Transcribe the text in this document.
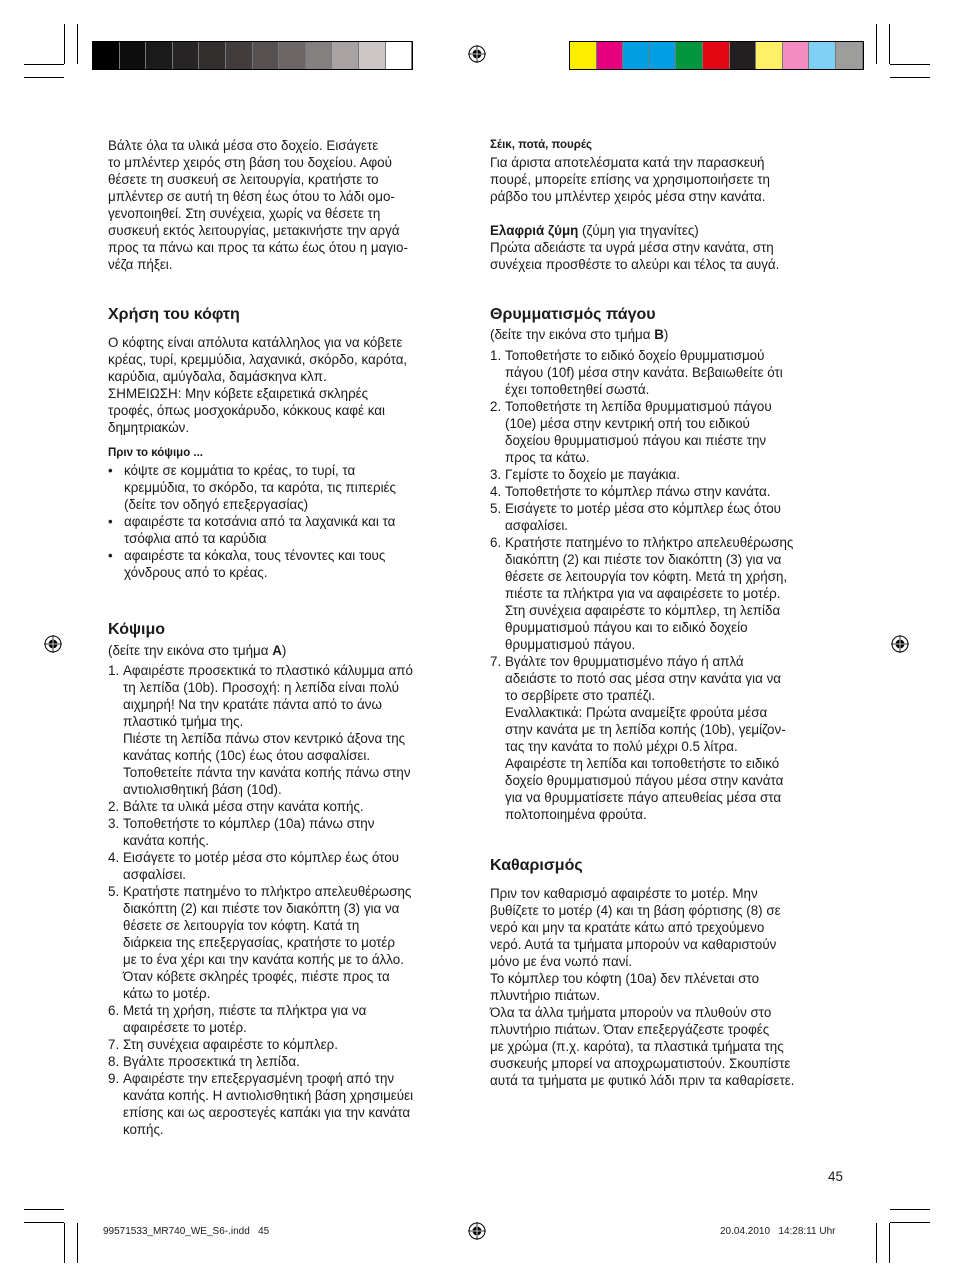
Βάλτε όλα τα υλικά μέσα στο δοχείο. Εισάγετε
το μπλέντερ χειρός στη βάση του δοχείου. Αφού
θέσετε τη συσκευή σε λειτουργία, κρατήστε το
μπλέντερ σε αυτή τη θέση έως ότου το λάδι ομο-
γενοποιηθεί. Στη συνέχεια, χωρίς να θέσετε τη
συσκευή εκτός λειτουργίας, μετακινήστε την αργά
προς τα πάνω και προς τα κάτω έως ότου η μαγιο-
νέζα πήξει.

Χρήση του κόφτη

Ο κόφτης είναι απόλυτα κατάλληλος για να κόβετε
κρέας, τυρί, κρεμμύδια, λαχανικά, σκόρδο, καρότα,
καρύδια, αμύγδαλα, δαμάσκηνα κλπ.
ΣΗΜΕΙΩΣΗ: Μην κόβετε εξαιρετικά σκληρές
τροφές, όπως μοσχοκάρυδο, κόκκους καφέ και
δημητριακών.

Πριν το κόψιμο ...
• κόψτε σε κομμάτια το κρέας, το τυρί, τα
κρεμμύδια, το σκόρδο, τα καρότα, τις πιπεριές
(δείτε τον οδηγό επεξεργασίας)
• αφαιρέστε τα κοτσάνια από τα λαχανικά και τα
τσόφλια από τα καρύδια
• αφαιρέστε τα κόκαλα, τους τένοντες και τους
χόνδρους από το κρέας.
Κόψιμο

(δείτε την εικόνα στο τμήμα A)

1. Αφαιρέστε προσεκτικά το πλαστικό κάλυμμα από
τη λεπίδα (10b). Προσοχή: η λεπίδα είναι πολύ
αιχμηρή! Να την κρατάτε πάντα από το άνω
πλαστικό τμήμα της.
Πιέστε τη λεπίδα πάνω στον κεντρικό άξονα της
κανάτας κοπής (10c) έως ότου ασφαλίσει.
Τοποθετείτε πάντα την κανάτα κοπής πάνω στην
αντιολισθητική βάση (10d).
2. Βάλτε τα υλικά μέσα στην κανάτα κοπής.
3. Τοποθετήστε το κόμπλερ (10a) πάνω στην
κανάτα κοπής.
4. Εισάγετε το μοτέρ μέσα στο κόμπλερ έως ότου
ασφαλίσει.
5. Κρατήστε πατημένο το πλήκτρο απελευθέρωσης
διακόπτη (2) και πιέστε τον διακόπτη (3) για να
θέσετε σε λειτουργία τον κόφτη. Κατά τη
διάρκεια της επεξεργασίας, κρατήστε το μοτέρ
με το ένα χέρι και την κανάτα κοπής με το άλλο.
Όταν κόβετε σκληρές τροφές, πιέστε προς τα
κάτω το μοτέρ.
6. Μετά τη χρήση, πιέστε τα πλήκτρα για να
αφαιρέσετε το μοτέρ.
7. Στη συνέχεια αφαιρέστε το κόμπλερ.
8. Βγάλτε προσεκτικά τη λεπίδα.
9. Αφαιρέστε την επεξεργασμένη τροφή από την
κανάτα κοπής. Η αντιολισθητική βάση χρησιμεύει
επίσης και ως αεροστεγές καπάκι για την κανάτα
κοπής.
Σέικ, ποτά, πουρές

Για άριστα αποτελέσματα κατά την παρασκευή
πουρέ, μπορείτε επίσης να χρησιμοποιήσετε τη
ράβδο του μπλέντερ χειρός μέσα στην κανάτα.

Ελαφριά ζύμη (ζύμη για τηγανίτες)

Πρώτα αδειάστε τα υγρά μέσα στην κανάτα, στη
συνέχεια προσθέστε το αλεύρι και τέλος τα αυγά.

Θρυμματισμός πάγου

(δείτε την εικόνα στο τμήμα B)

1. Τοποθετήστε το ειδικό δοχείο θρυμματισμού
πάγου (10f) μέσα στην κανάτα. Βεβαιωθείτε ότι
έχει τοποθετηθεί σωστά.
2. Τοποθετήστε τη λεπίδα θρυμματισμού πάγου
(10e) μέσα στην κεντρική οπή του ειδικού
δοχείου θρυμματισμού πάγου και πιέστε την
προς τα κάτω.
3. Γεμίστε το δοχείο με παγάκια.
4. Τοποθετήστε το κόμπλερ πάνω στην κανάτα.
5. Εισάγετε το μοτέρ μέσα στο κόμπλερ έως ότου
ασφαλίσει.
6. Κρατήστε πατημένο το πλήκτρο απελευθέρωσης
διακόπτη (2) και πιέστε τον διακόπτη (3) για να
θέσετε σε λειτουργία τον κόφτη. Μετά τη χρήση,
πιέστε τα πλήκτρα για να αφαιρέσετε το μοτέρ.
Στη συνέχεια αφαιρέστε το κόμπλερ, τη λεπίδα
θρυμματισμού πάγου και το ειδικό δοχείο
θρυμματισμού πάγου.
7. Βγάλτε τον θρυμματισμένο πάγο ή απλά
αδειάστε το ποτό σας μέσα στην κανάτα για να
το σερβίρετε στο τραπέζι.
Εναλλακτικά: Πρώτα αναμείξτε φρούτα μέσα
στην κανάτα με τη λεπίδα κοπής (10b), γεμίζον-
τας την κανάτα το πολύ μέχρι 0.5 λίτρα.
Αφαιρέστε τη λεπίδα και τοποθετήστε το ειδικό
δοχείο θρυμματισμού πάγου μέσα στην κανάτα
για να θρυμματίσετε πάγο απευθείας μέσα στα
πολτοποιημένα φρούτα.
Καθαρισμός

Πριν τον καθαρισμό αφαιρέστε το μοτέρ. Μην
βυθίζετε το μοτέρ (4) και τη βάση φόρτισης (8) σε
νερό και μην τα κρατάτε κάτω από τρεχούμενο
νερό. Αυτά τα τμήματα μπορούν να καθαριστούν
μόνο με ένα νωπό πανί.
Το κόμπλερ του κόφτη (10a) δεν πλένεται στο
πλυντήριο πιάτων.
Όλα τα άλλα τμήματα μπορούν να πλυθούν στο
πλυντήριο πιάτων. Όταν επεξεργάζεστε τροφές
με χρώμα (π.χ. καρότα), τα πλαστικά τμήματα της
συσκευής μπορεί να αποχρωματιστούν. Σκουπίστε
αυτά τα τμήματα με φυτικό λάδι πριν τα καθαρίσετε.

45
99571533_MR740_WE_S6-.indd   45	20.04.2010   14:28:11 Uhr
